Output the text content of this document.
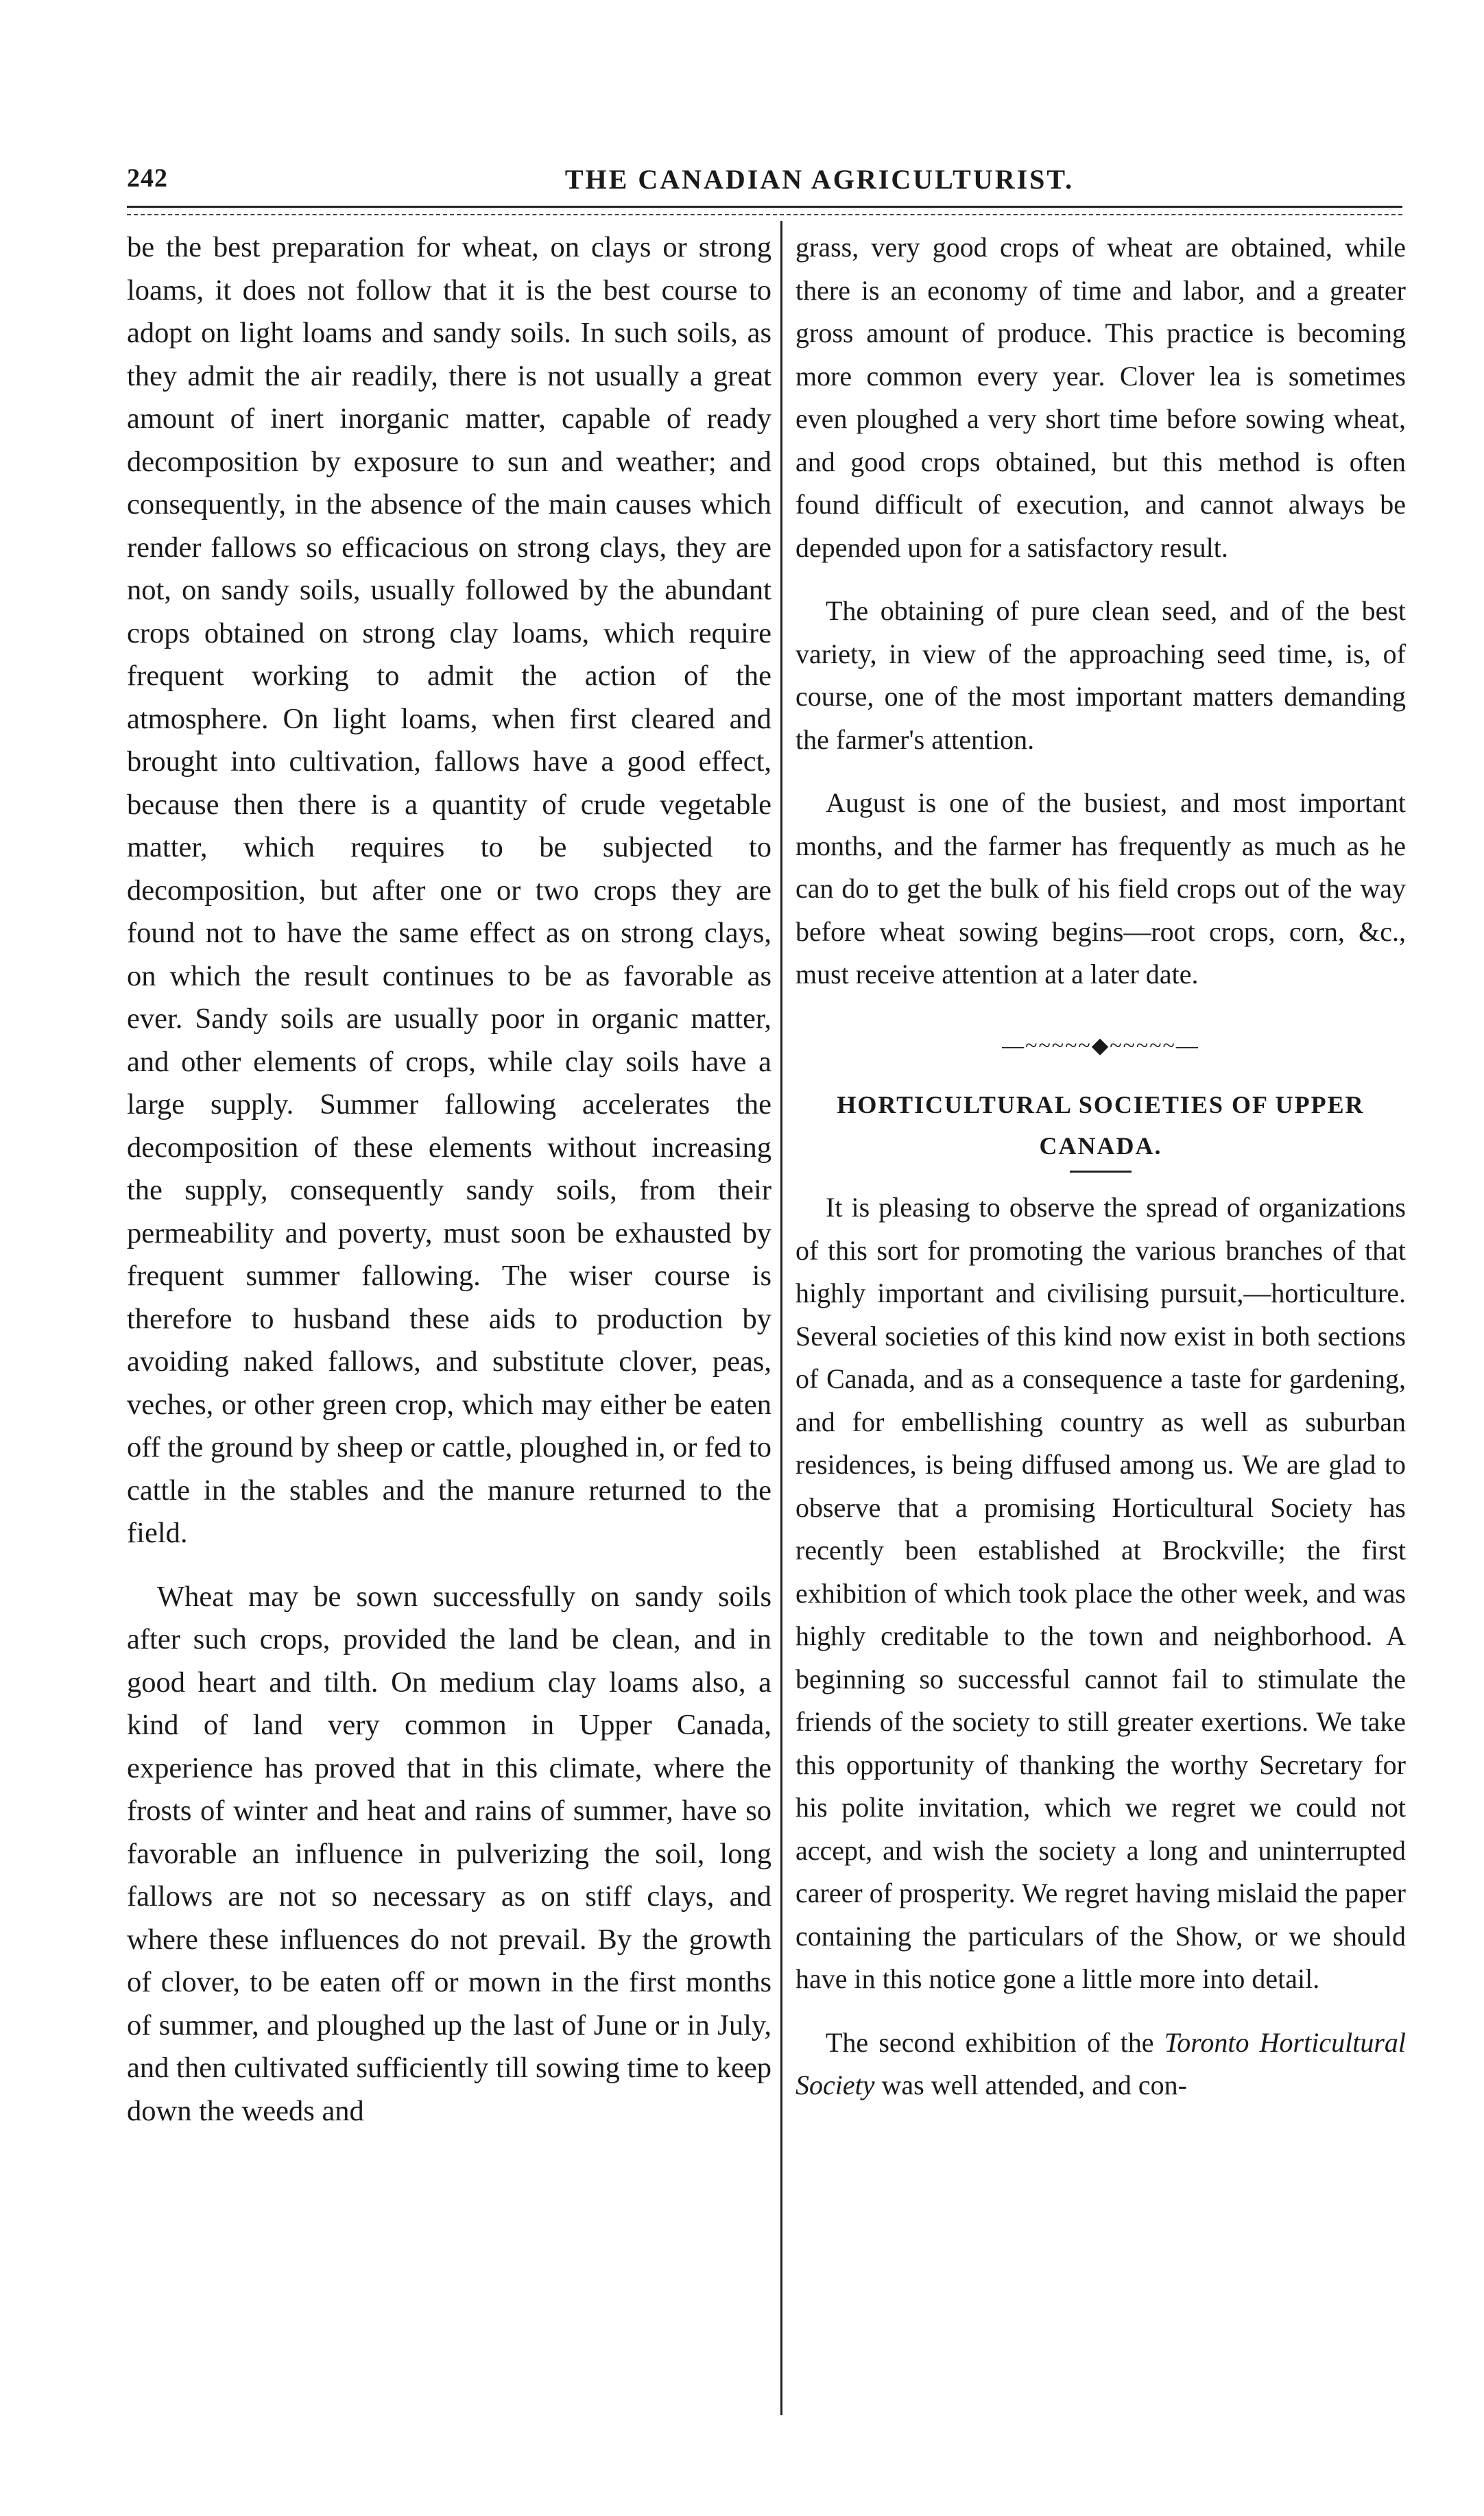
242	THE CANADIAN AGRICULTURIST.

be the best preparation for wheat, on clays or strong loams, it does not follow that it is the best course to adopt on light loams and sandy soils. In such soils, as they admit the air readily, there is not usually a great amount of inert inorganic matter, capable of ready decomposition by exposure to sun and weather; and consequently, in the absence of the main causes which render fallows so efficacious on strong clays, they are not, on sandy soils, usually followed by the abundant crops obtained on strong clay loams, which require frequent working to admit the action of the atmosphere. On light loams, when first cleared and brought into cultivation, fallows have a good effect, because then there is a quantity of crude vegetable matter, which requires to be subjected to decomposition, but after one or two crops they are found not to have the same effect as on strong clays, on which the result continues to be as favorable as ever. Sandy soils are usually poor in organic matter, and other elements of crops, while clay soils have a large supply. Summer fallowing accelerates the decomposition of these elements without increasing the supply, consequently sandy soils, from their permeability and poverty, must soon be exhausted by frequent summer fallowing. The wiser course is therefore to husband these aids to production by avoiding naked fallows, and substitute clover, peas, veches, or other green crop, which may either be eaten off the ground by sheep or cattle, ploughed in, or fed to cattle in the stables and the manure returned to the field.

Wheat may be sown successfully on sandy soils after such crops, provided the land be clean, and in good heart and tilth. On medium clay loams also, a kind of land very common in Upper Canada, experience has proved that in this climate, where the frosts of winter and heat and rains of summer, have so favorable an influence in pulverizing the soil, long fallows are not so necessary as on stiff clays, and where these influences do not prevail. By the growth of clover, to be eaten off or mown in the first months of summer, and ploughed up the last of June or in July, and then cultivated sufficiently till sowing time to keep down the weeds and

grass, very good crops of wheat are obtained, while there is an economy of time and labor, and a greater gross amount of produce. This practice is becoming more common every year. Clover lea is sometimes even ploughed a very short time before sowing wheat, and good crops obtained, but this method is often found difficult of execution, and cannot always be depended upon for a satisfactory result.

The obtaining of pure clean seed, and of the best variety, in view of the approaching seed time, is, of course, one of the most important matters demanding the farmer's attention.

August is one of the busiest, and most important months, and the farmer has frequently as much as he can do to get the bulk of his field crops out of the way before wheat sowing begins—root crops, corn, &c., must receive attention at a later date.

—~~~~~◆~~~~~—
HORTICULTURAL SOCIETIES OF UPPER
CANADA.

It is pleasing to observe the spread of organizations of this sort for promoting the various branches of that highly important and civilising pursuit,—horticulture. Several societies of this kind now exist in both sections of Canada, and as a consequence a taste for gardening, and for embellishing country as well as suburban residences, is being diffused among us. We are glad to observe that a promising Horticultural Society has recently been established at Brockville; the first exhibition of which took place the other week, and was highly creditable to the town and neighborhood. A beginning so successful cannot fail to stimulate the friends of the society to still greater exertions. We take this opportunity of thanking the worthy Secretary for his polite invitation, which we regret we could not accept, and wish the society a long and uninterrupted career of prosperity. We regret having mislaid the paper containing the particulars of the Show, or we should have in this notice gone a little more into detail.

The second exhibition of the Toronto Horticultural Society was well attended, and con-
